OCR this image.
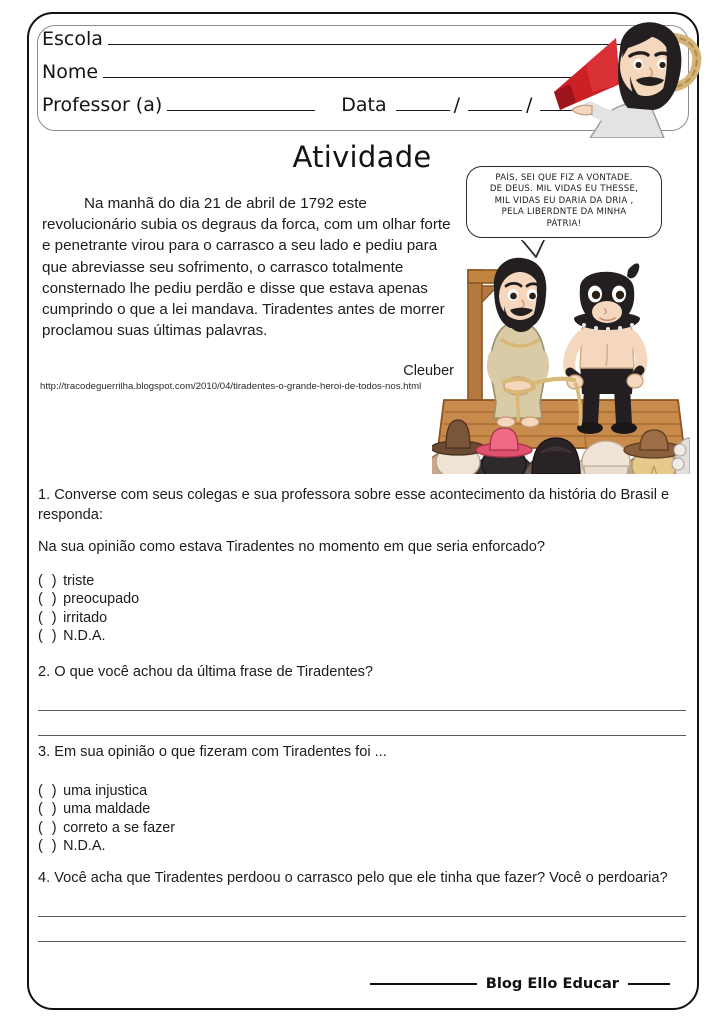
Escola
Nome
Professor (a)	Data	/	/
Atividade
Na manhã do dia 21 de abril de 1792 este revolucionário subia os degraus da forca, com um olhar forte e penetrante virou para o carrasco a seu lado e pediu para que abreviasse seu sofrimento, o carrasco totalmente consternado lhe pediu perdão e disse que estava apenas cumprindo o que a lei mandava. Tiradentes antes de morrer proclamou suas últimas palavras.
Cleuber
http://tracodeguerrilha.blogspot.com/2010/04/tiradentes-o-grande-heroi-de-todos-nos.html
PAÍS, SEI QUE FIZ A VONTADE.
DE DEUS. MIL VIDAS EU THESSE,
MIL VIDAS EU DARIA DA DRIA ,
PELA LIBERDNTE DA MINHA
PÁTRIA!
1. Converse com seus colegas e sua professora sobre esse acontecimento da história do Brasil e responda:
Na sua opinião como estava Tiradentes no momento em que seria enforcado?
( ) triste
( ) preocupado
( ) irritado
( ) N.D.A.
2. O que você achou da última frase de Tiradentes?
3. Em sua opinião o que fizeram com Tiradentes foi ...
( ) uma injustica
( ) uma maldade
( ) correto a se fazer
( ) N.D.A.
4. Você acha que Tiradentes perdoou o carrasco pelo que ele tinha que fazer? Você o perdoaria?
Blog Ello Educar
